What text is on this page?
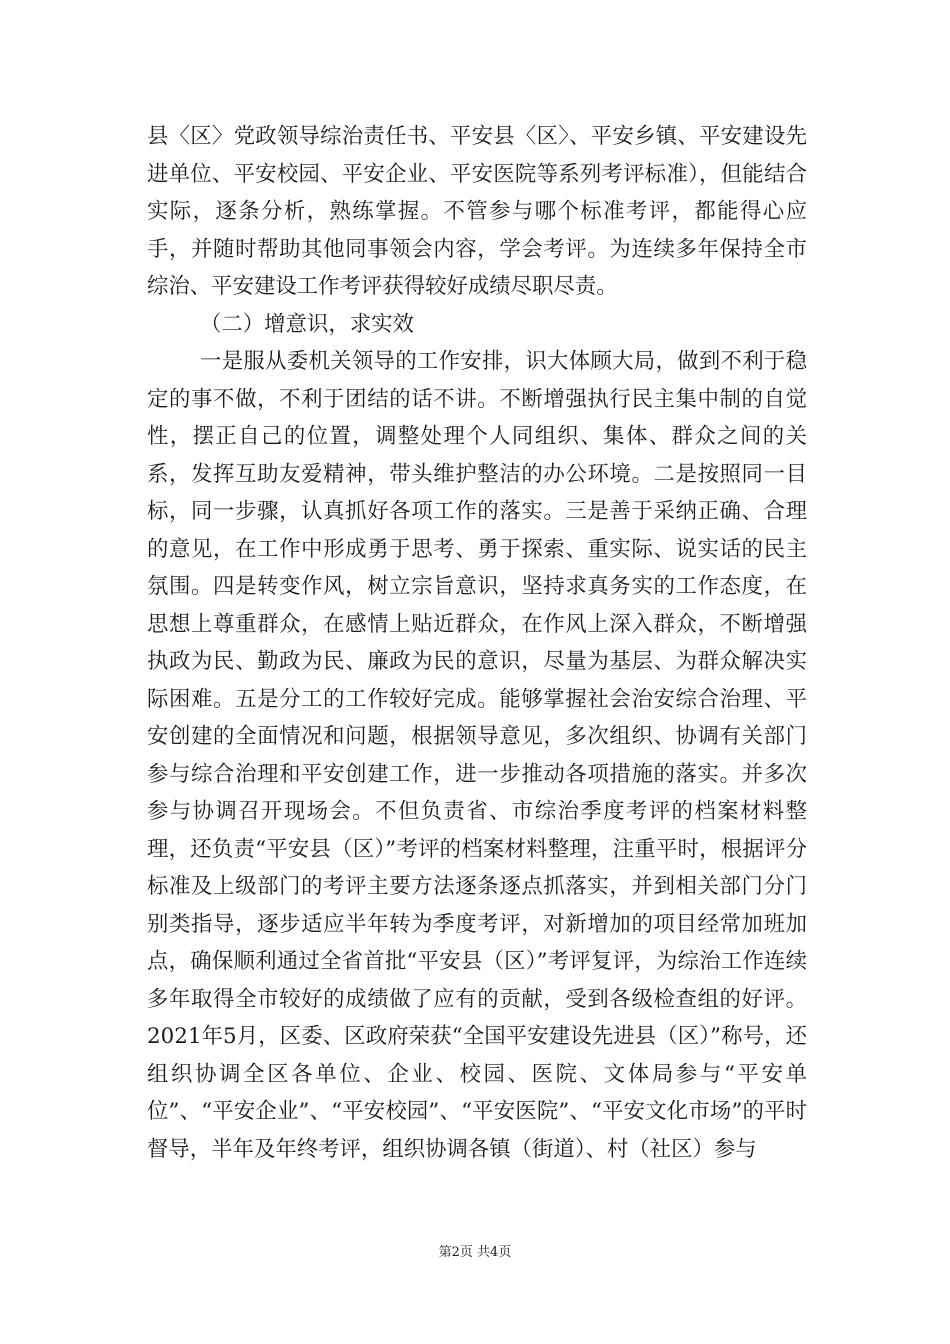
县〈区〉党政领导综治责任书、平安县〈区〉、平安乡镇、平安建设先进单位、平安校园、平安企业、平安医院等系列考评标准），但能结合实际，逐条分析，熟练掌握。不管参与哪个标准考评，都能得心应手，并随时帮助其他同事领会内容，学会考评。为连续多年保持全市综治、平安建设工作考评获得较好成绩尽职尽责。

（二）增意识，求实效

一是服从委机关领导的工作安排，识大体顾大局，做到不利于稳定的事不做，不利于团结的话不讲。不断增强执行民主集中制的自觉性，摆正自己的位置，调整处理个人同组织、集体、群众之间的关系，发挥互助友爱精神，带头维护整洁的办公环境。二是按照同一目标，同一步骤，认真抓好各项工作的落实。三是善于采纳正确、合理的意见，在工作中形成勇于思考、勇于探索、重实际、说实话的民主氛围。四是转变作风，树立宗旨意识，坚持求真务实的工作态度，在思想上尊重群众，在感情上贴近群众，在作风上深入群众，不断增强执政为民、勤政为民、廉政为民的意识，尽量为基层、为群众解决实际困难。五是分工的工作较好完成。能够掌握社会治安综合治理、平安创建的全面情况和问题，根据领导意见，多次组织、协调有关部门参与综合治理和平安创建工作，进一步推动各项措施的落实。并多次参与协调召开现场会。不但负责省、市综治季度考评的档案材料整理，还负责“平安县（区）”考评的档案材料整理，注重平时，根据评分标准及上级部门的考评主要方法逐条逐点抓落实，并到相关部门分门别类指导，逐步适应半年转为季度考评，对新增加的项目经常加班加点，确保顺利通过全省首批“平安县（区）”考评复评，为综治工作连续多年取得全市较好的成绩做了应有的贡献，受到各级检查组的好评。2021年5月，区委、区政府荣获“全国平安建设先进县（区）”称号，还组织协调全区各单位、企业、校园、医院、文体局参与“平安单位”、“平安企业”、“平安校园”、“平安医院”、“平安文化市场”的平时督导，半年及年终考评，组织协调各镇（街道）、村（社区）参与

第2页 共4页
